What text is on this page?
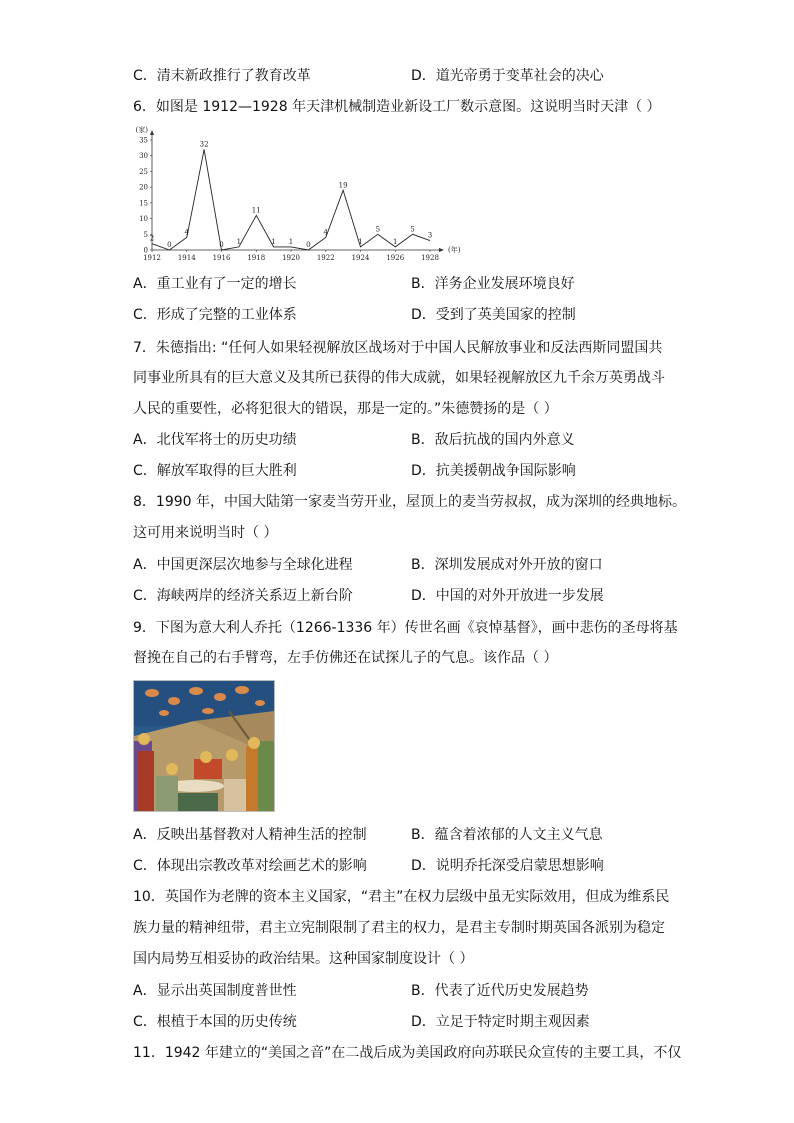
C．清末新政推行了教育改革	D．道光帝勇于变革社会的决心
6．如图是 1912—1928 年天津机械制造业新设工厂数示意图。这说明当时天津（ ）
0
5
10
15
20
25
30
35
(家)
1912 1914 1916 1918 1920 1922 1924 1926 1928
(年)
2
0
4
32
0 1
11
1 1 0
4
19
1
5
1
5
3
A．重工业有了一定的增长	B．洋务企业发展环境良好
C．形成了完整的工业体系	D．受到了英美国家的控制
7．朱德指出: “任何人如果轻视解放区战场对于中国人民解放事业和反法西斯同盟国共
同事业所具有的巨大意义及其所已获得的伟大成就，如果轻视解放区九千余万英勇战斗
人民的重要性，必将犯很大的错误，那是一定的。”朱德赞扬的是（ ）
A．北伐军将士的历史功绩	B．敌后抗战的国内外意义
C．解放军取得的巨大胜利	D．抗美援朝战争国际影响
8．1990 年，中国大陆第一家麦当劳开业，屋顶上的麦当劳叔叔，成为深圳的经典地标。
这可用来说明当时（ ）
A．中国更深层次地参与全球化进程	B．深圳发展成对外开放的窗口
C．海峡两岸的经济关系迈上新台阶	D．中国的对外开放进一步发展
9．下图为意大利人乔托（1266-1336 年）传世名画《哀悼基督》，画中悲伤的圣母将基
督挽在自己的右手臂弯，左手仿佛还在试探儿子的气息。该作品（ ）
A．反映出基督教对人精神生活的控制	B．蕴含着浓郁的人文主义气息
C．体现出宗教改革对绘画艺术的影响	D．说明乔托深受启蒙思想影响
10．英国作为老牌的资本主义国家，“君主”在权力层级中虽无实际效用，但成为维系民
族力量的精神纽带，君主立宪制限制了君主的权力，是君主专制时期英国各派别为稳定
国内局势互相妥协的政治结果。这种国家制度设计（ ）
A．显示出英国制度普世性	B．代表了近代历史发展趋势
C．根植于本国的历史传统	D．立足于特定时期主观因素
11．1942 年建立的“美国之音”在二战后成为美国政府向苏联民众宣传的主要工具，不仅
